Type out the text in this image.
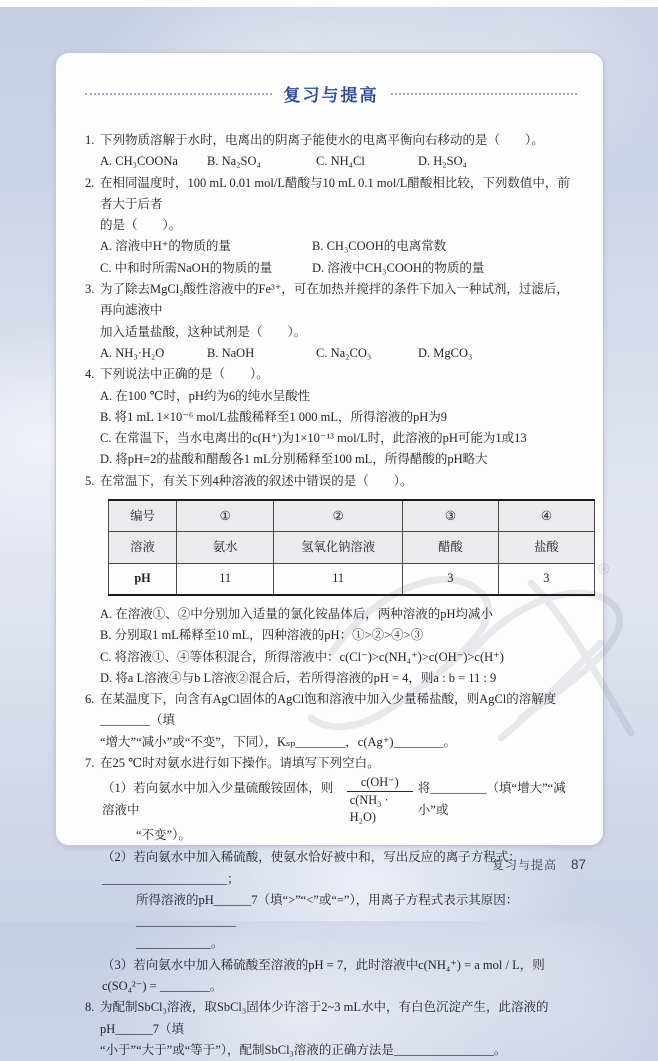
®
复习与提高
1. 下列物质溶解于水时，电离出的阴离子能使水的电离平衡向右移动的是（　　）。
A. CH₃COONa	B. Na₂SO₄	C. NH₄Cl	D. H₂SO₄
2. 在相同温度时，100 mL 0.01 mol/L醋酸与10 mL 0.1 mol/L醋酸相比较，下列数值中，前者大于后者
的是（　　）。
A. 溶液中H⁺的物质的量	B. CH₃COOH的电离常数
C. 中和时所需NaOH的物质的量	D. 溶液中CH₃COOH的物质的量
3. 为了除去MgCl₂酸性溶液中的Fe³⁺，可在加热并搅拌的条件下加入一种试剂，过滤后，再向滤液中
加入适量盐酸，这种试剂是（　　）。
A. NH₃·H₂O	B. NaOH	C. Na₂CO₃	D. MgCO₃
4. 下列说法中正确的是（　　）。
A. 在100 ℃时，pH约为6的纯水呈酸性
B. 将1 mL 1×10⁻⁶ mol/L盐酸稀释至1 000 mL，所得溶液的pH为9
C. 在常温下，当水电离出的c(H⁺)为1×10⁻¹³ mol/L时，此溶液的pH可能为1或13
D. 将pH=2的盐酸和醋酸各1 mL分别稀释至100 mL，所得醋酸的pH略大
5. 在常温下，有关下列4种溶液的叙述中错误的是（　　）。
编号	①	②	③	④
溶液	氨水	氢氧化钠溶液	醋酸	盐酸
pH	11	11	3	3
A. 在溶液①、②中分别加入适量的氯化铵晶体后，两种溶液的pH均减小
B. 分别取1 mL稀释至10 mL，四种溶液的pH：①>②>④>③
C. 将溶液①、④等体积混合，所得溶液中：c(Cl⁻)>c(NH₄⁺)>c(OH⁻)>c(H⁺)
D. 将a L溶液④与b L溶液②混合后，若所得溶液的pH = 4，则a : b = 11 : 9
6. 在某温度下，向含有AgCl固体的AgCl饱和溶液中加入少量稀盐酸，则AgCl的溶解度________（填
“增大”“减小”或“不变”，下同），Kₛₚ________，c(Ag⁺)________。
7. 在25 ℃时对氨水进行如下操作。请填写下列空白。
（1）若向氨水中加入少量硫酸铵固体，则溶液中	$\frac{c(OH^-)}{\text{c(NH₃ · H₂O)}}$ 将_________（填“增大”“减小”或
“不变”）。
（2）若向氨水中加入稀硫酸，使氨水恰好被中和，写出反应的离子方程式：____________________；
所得溶液的pH______7（填“>”“<”或“=”），用离子方程式表示其原因：________________
____________。
（3）若向氨水中加入稀硫酸至溶液的pH = 7，此时溶液中c(NH₄⁺) = a mol / L，则c(SO₄²⁻) = ________。
8. 为配制SbCl₃溶液，取SbCl₃固体少许溶于2~3 mL水中，有白色沉淀产生，此溶液的pH______7（填
“小于”“大于”或“等于”），配制SbCl₃溶液的正确方法是________________。
复习与提高 87
